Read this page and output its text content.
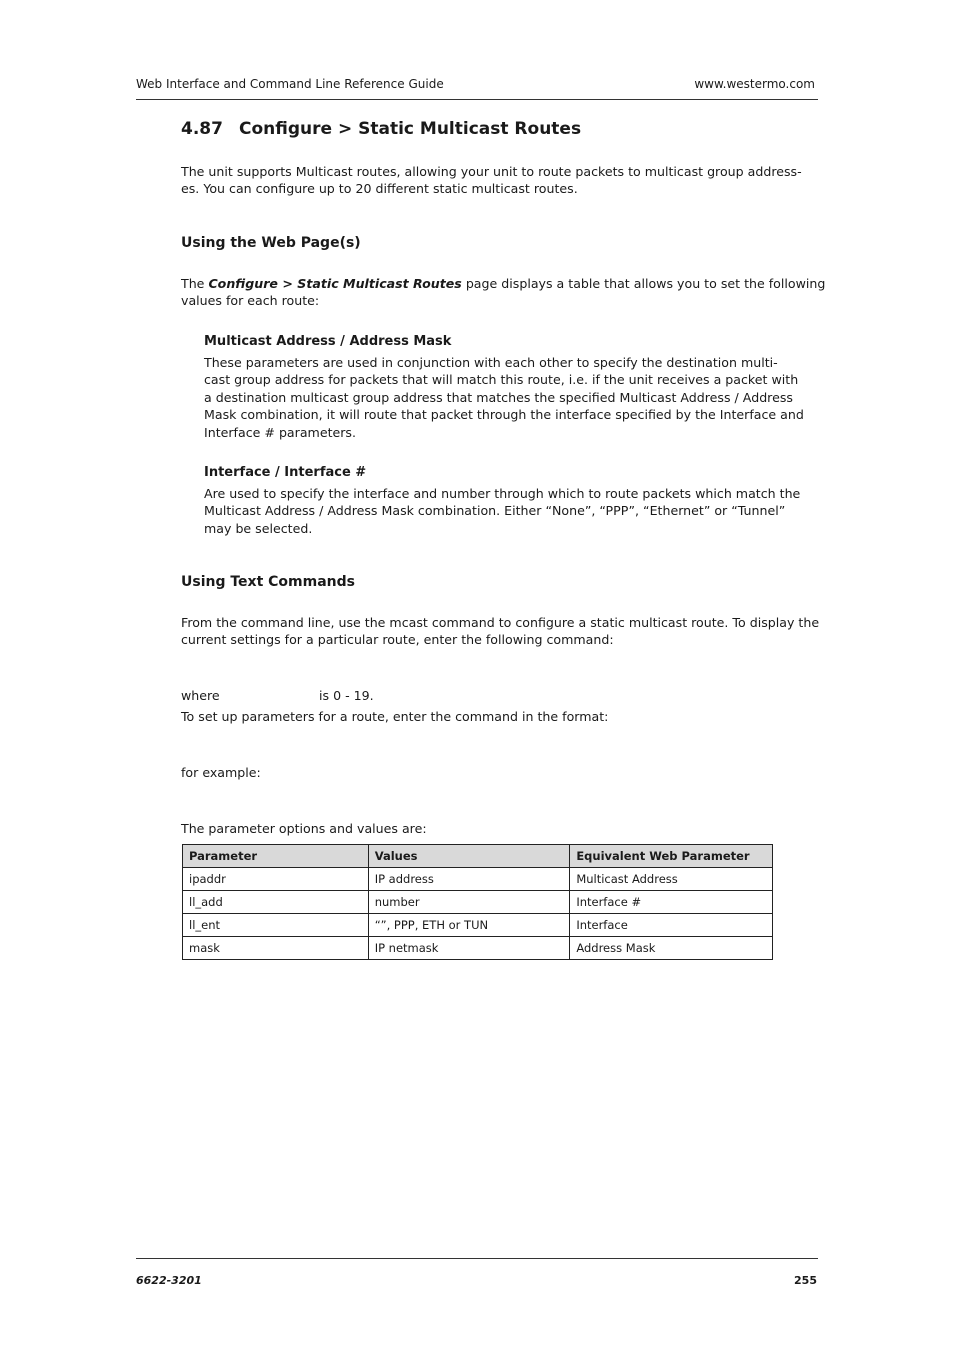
Web Interface and Command Line Reference Guide	www.westermo.com
4.87 Configure > Static Multicast Routes
The unit supports Multicast routes, allowing your unit to route packets to multicast group address-
es. You can configure up to 20 different static multicast routes.
Using the Web Page(s)
The Configure > Static Multicast Routes page displays a table that allows you to set the following
values for each route:
Multicast Address / Address Mask
These parameters are used in conjunction with each other to specify the destination multi-
cast group address for packets that will match this route, i.e. if the unit receives a packet with
a destination multicast group address that matches the specified Multicast Address / Address
Mask combination, it will route that packet through the interface specified by the Interface and
Interface # parameters.
Interface / Interface #
Are used to specify the interface and number through which to route packets which match the
Multicast Address / Address Mask combination. Either “None”, “PPP”, “Ethernet” or “Tunnel”
may be selected.
Using Text Commands
From the command line, use the mcast command to configure a static multicast route. To display the
current settings for a particular route, enter the following command:
where	is 0 - 19.
To set up parameters for a route, enter the command in the format:
for example:
The parameter options and values are:
Parameter	Values	Equivalent Web Parameter
ipaddr	IP address	Multicast Address
ll_add	number	Interface #
ll_ent	“”, PPP, ETH or TUN	Interface
mask	IP netmask	Address Mask
6622-3201	255
